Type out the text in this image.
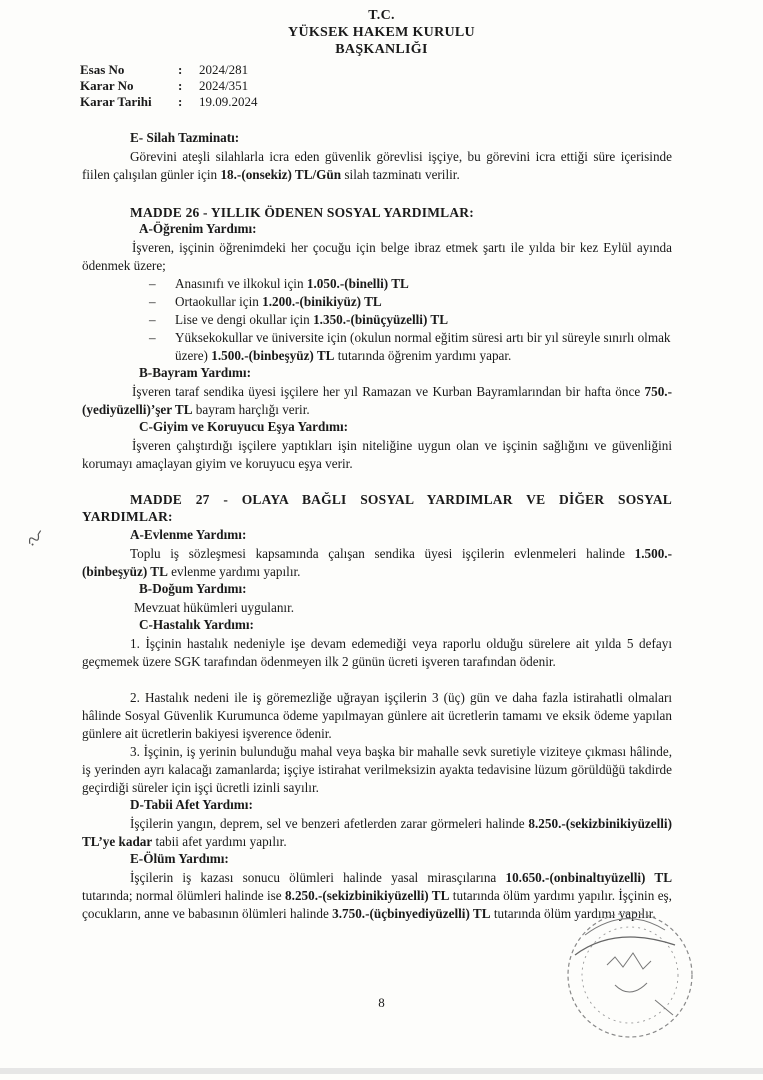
T.C.
YÜKSEK HAKEM KURULU
BAŞKANLIĞI
Esas No	: 2024/281
Karar No	: 2024/351
Karar Tarihi : 19.09.2024
E- Silah Tazminatı:

Görevini ateşli silahlarla icra eden güvenlik görevlisi işçiye, bu görevini icra ettiği süre içerisinde fiilen çalışılan günler için 18.-(onsekiz) TL/Gün silah tazminatı verilir.

MADDE 26 - YILLIK ÖDENEN SOSYAL YARDIMLAR:
A-Öğrenim Yardımı:

İşveren, işçinin öğrenimdeki her çocuğu için belge ibraz etmek şartı ile yılda bir kez Eylül ayında ödenmek üzere;

– Anasınıfı ve ilkokul için 1.050.-(binelli) TL
– Ortaokullar için 1.200.-(binikiyüz) TL
– Lise ve dengi okullar için 1.350.-(binüçyüzelli) TL
– Yüksekokullar ve üniversite için (okulun normal eğitim süresi artı bir yıl süreyle sınırlı olmak üzere) 1.500.-(binbeşyüz) TL tutarında öğrenim yardımı yapar.
B-Bayram Yardımı:

İşveren taraf sendika üyesi işçilere her yıl Ramazan ve Kurban Bayramlarından bir hafta önce 750.-(yediyüzelli)’şer TL bayram harçlığı verir.

C-Giyim ve Koruyucu Eşya Yardımı:

İşveren çalıştırdığı işçilere yaptıkları işin niteliğine uygun olan ve işçinin sağlığını ve güvenliğini korumayı amaçlayan giyim ve koruyucu eşya verir.

MADDE 27 - OLAYA BAĞLI SOSYAL YARDIMLAR VE DİĞER SOSYAL YARDIMLAR:
A-Evlenme Yardımı:

Toplu iş sözleşmesi kapsamında çalışan sendika üyesi işçilerin evlenmeleri halinde 1.500.-(binbeşyüz) TL evlenme yardımı yapılır.

B-Doğum Yardımı:

Mevzuat hükümleri uygulanır.

C-Hastalık Yardımı:

1. İşçinin hastalık nedeniyle işe devam edemediği veya raporlu olduğu sürelere ait yılda 5 defayı geçmemek üzere SGK tarafından ödenmeyen ilk 2 günün ücreti işveren tarafından ödenir.

2. Hastalık nedeni ile iş göremezliğe uğrayan işçilerin 3 (üç) gün ve daha fazla istirahatli olmaları hâlinde Sosyal Güvenlik Kurumunca ödeme yapılmayan günlere ait ücretlerin tamamı ve eksik ödeme yapılan günlere ait ücretlerin bakiyesi işverence ödenir.

3. İşçinin, iş yerinin bulunduğu mahal veya başka bir mahalle sevk suretiyle viziteye çıkması hâlinde, iş yerinden ayrı kalacağı zamanlarda; işçiye istirahat verilmeksizin ayakta tedavisine lüzum görüldüğü takdirde geçirdiği süreler için işçi ücretli izinli sayılır.

D-Tabii Afet Yardımı:

İşçilerin yangın, deprem, sel ve benzeri afetlerden zarar görmeleri halinde 8.250.-(sekizbinikiyüzelli) TL’ye kadar tabii afet yardımı yapılır.

E-Ölüm Yardımı:

İşçilerin iş kazası sonucu ölümleri halinde yasal mirasçılarına 10.650.-(onbinaltıyüzelli) TL tutarında; normal ölümleri halinde ise 8.250.-(sekizbinikiyüzelli) TL tutarında ölüm yardımı yapılır. İşçinin eş, çocukların, anne ve babasının ölümleri halinde 3.750.-(üçbinyediyüzelli) TL tutarında ölüm yardımı yapılır.

8
